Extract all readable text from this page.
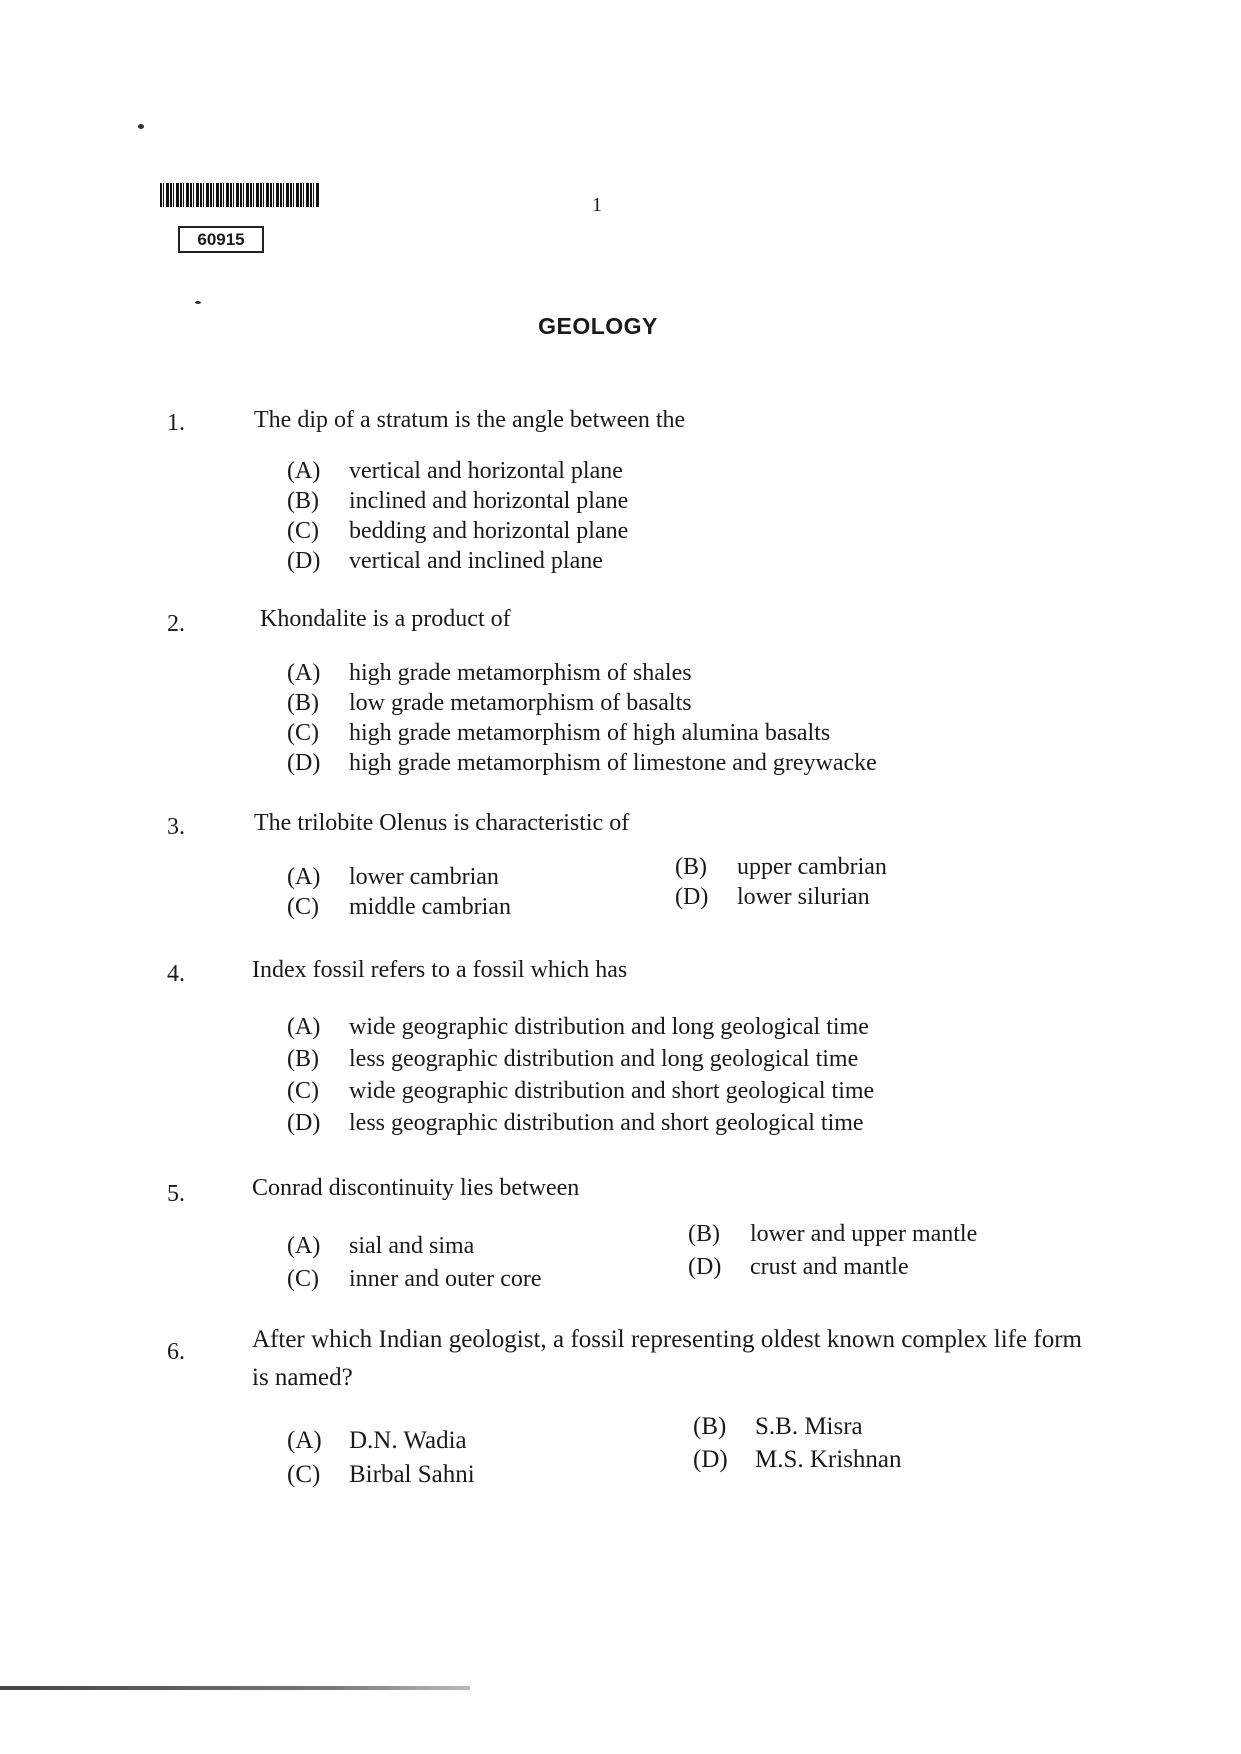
60915
1
GEOLOGY
1.	The dip of a stratum is the angle between the
(A) vertical and horizontal plane
(B) inclined and horizontal plane
(C) bedding and horizontal plane
(D) vertical and inclined plane
2.	Khondalite is a product of
(A) high grade metamorphism of shales
(B) low grade metamorphism of basalts
(C) high grade metamorphism of high alumina basalts
(D) high grade metamorphism of limestone and greywacke
3.	The trilobite Olenus is characteristic of
(A) lower cambrian	(B) upper cambrian
(C) middle cambrian	(D) lower silurian
4.	Index fossil refers to a fossil which has
(A) wide geographic distribution and long geological time
(B) less geographic distribution and long geological time
(C) wide geographic distribution and short geological time
(D) less geographic distribution and short geological time
5.	Conrad discontinuity lies between
(A) sial and sima	(B) lower and upper mantle
(C) inner and outer core	(D) crust and mantle
6.	After which Indian geologist, a fossil representing oldest known complex life form is named?
(A) D.N. Wadia
(B) S.B. Misra
(C) Birbal Sahni
(D) M.S. Krishnan
